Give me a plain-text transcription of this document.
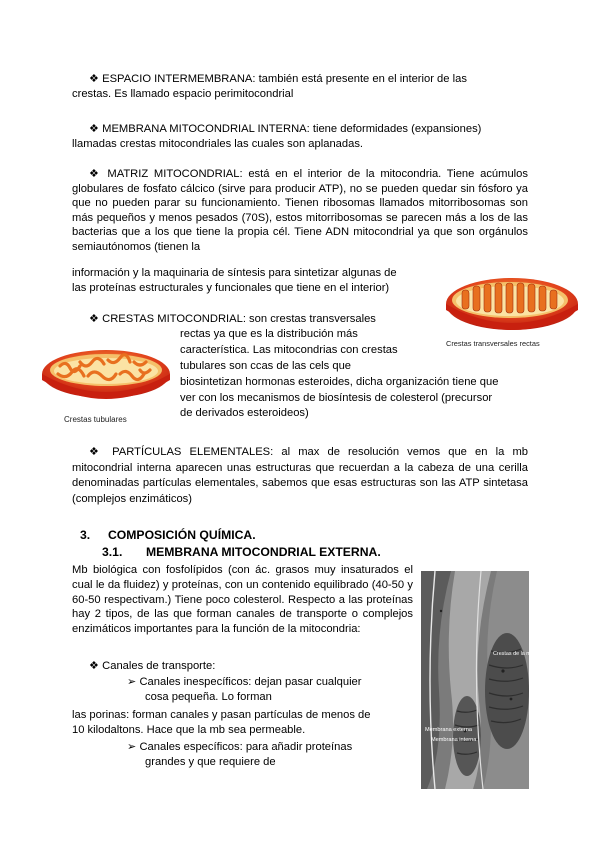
❖ ESPACIO INTERMEMBRANA: también está presente en el interior de las
crestas. Es llamado espacio perimitocondrial
❖ MEMBRANA MITOCONDRIAL INTERNA: tiene deformidades (expansiones)
llamadas crestas mitocondriales las cuales son aplanadas.

❖ MATRIZ MITOCONDRIAL: está en el interior de la mitocondria. Tiene acúmulos globulares de fosfato cálcico (sirve para producir ATP), no se pueden quedar sin fósforo ya que no pueden parar su funcionamiento. Tienen ribosomas llamados mitorribosomas son más pequeños y menos pesados (70S), estos mitorribosomas se parecen más a los de las bacterias que a los que tiene la propia cél. Tiene ADN mitocondrial ya que son orgánulos semiautónomos (tienen la

información y la maquinaria de síntesis para sintetizar algunas de
las proteínas estructurales y funcionales que tiene en el interior)
Crestas transversales rectas
❖ CRESTAS MITOCONDRIAL: son crestas transversales
rectas ya que es la distribución más
característica. Las mitocondrias con crestas
tubulares son ccas de las cels que
biosintetizan hormonas esteroides, dicha organización tiene que
ver con los mecanismos de biosíntesis de colesterol (precursor
de derivados esteroideos)
Crestas tubulares

❖ PARTÍCULAS ELEMENTALES: al max de resolución vemos que en la mb mitocondrial interna aparecen unas estructuras que recuerdan a la cabeza de una cerilla denominadas partículas elementales, sabemos que esas estructuras son las ATP sintetasa (complejos enzimáticos)

3. COMPOSICIÓN QUÍMICA.
3.1. MEMBRANA MITOCONDRIAL EXTERNA.

Mb biológica con fosfolípidos (con ác. grasos muy insaturados el cual le da fluidez) y proteínas, con un contenido equilibrado (40-50 y 60-50 respectivam.) Tiene poco colesterol. Respecto a las proteínas hay 2 tipos, de las que forman canales de transporte o complejos enzimáticos importantes para la función de la mitocondria:

❖ Canales de transporte:
➢ Canales inespecíficos: dejan pasar cualquier
cosa pequeña. Lo forman
las porinas: forman canales y pasan partículas de menos de
10 kilodaltons. Hace que la mb sea permeable.
➢ Canales específicos: para añadir proteínas
grandes y que requiere de
Crestas de la mitocondria
Membrana externa
Membrana interna
